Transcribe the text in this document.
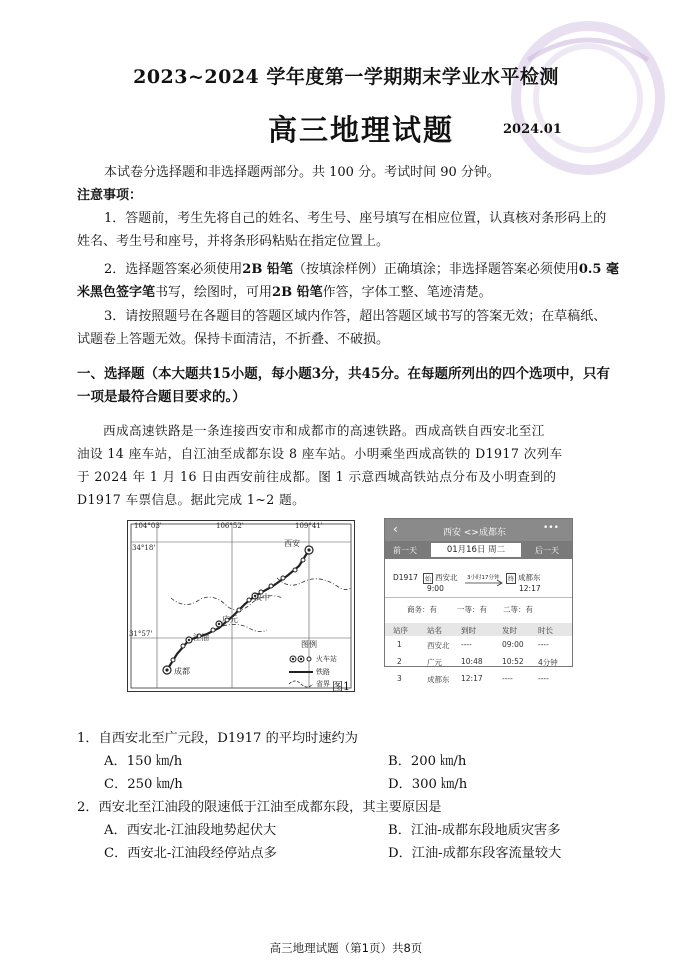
2023~2024 学年度第一学期期末学业水平检测
高三地理试题	2024.01
本试卷分选择题和非选择题两部分。共 100 分。考试时间 90 分钟。
注意事项：
1．答题前，考生先将自己的姓名、考生号、座号填写在相应位置，认真核对条形码上的
姓名、考生号和座号，并将条形码粘贴在指定位置上。
2．选择题答案必须使用2B 铅笔（按填涂样例）正确填涂；非选择题答案必须使用0.5 毫
米黑色签字笔书写，绘图时，可用2B 铅笔作答，字体工整、笔迹清楚。
3．请按照题号在各题目的答题区域内作答，超出答题区域书写的答案无效；在草稿纸、
试题卷上答题无效。保持卡面清洁，不折叠、不破损。
一、选择题（本大题共15小题，每小题3分，共45分。在每题所列出的四个选项中，只有
一项是最符合题目要求的。）
西成高速铁路是一条连接西安市和成都市的高速铁路。西成高铁自西安北至江
油设 14 座车站，自江油至成都东设 8 座车站。小明乘坐西成高铁的 D1917 次列车
于 2024 年 1 月 16 日由西安前往成都。图 1 示意西城高铁站点分布及小明查到的
D1917 车票信息。据此完成 1~2 题。
104°03'	106°52'	109°41'
34°18'
31°57'
西安
汉中
广元
江油
成都
图例
火车站
铁路
省界
‹	西安 <>成都东	•••
前一天	01月16日 周二	后一天
D1917	始 西安北
9:00
3小时17分钟	终 成都东
12:17
商务：有	一等：有 二等：有
站序	站名	到时	发时	时长
1	西安北 ----	09:00 ----
2	广元	10:48	10:52 4分钟
3	成都东 12:17	----	----
图1
1．自西安北至广元段，D1917 的平均时速约为
A．150 ㎞/h	B．200 ㎞/h
C．250 ㎞/h	D．300 ㎞/h
2．西安北至江油段的限速低于江油至成都东段，其主要原因是
A．西安北-江油段地势起伏大	B．江油-成都东段地质灾害多
C．西安北-江油段经停站点多	D．江油-成都东段客流量较大
高三地理试题（第1页）共8页
